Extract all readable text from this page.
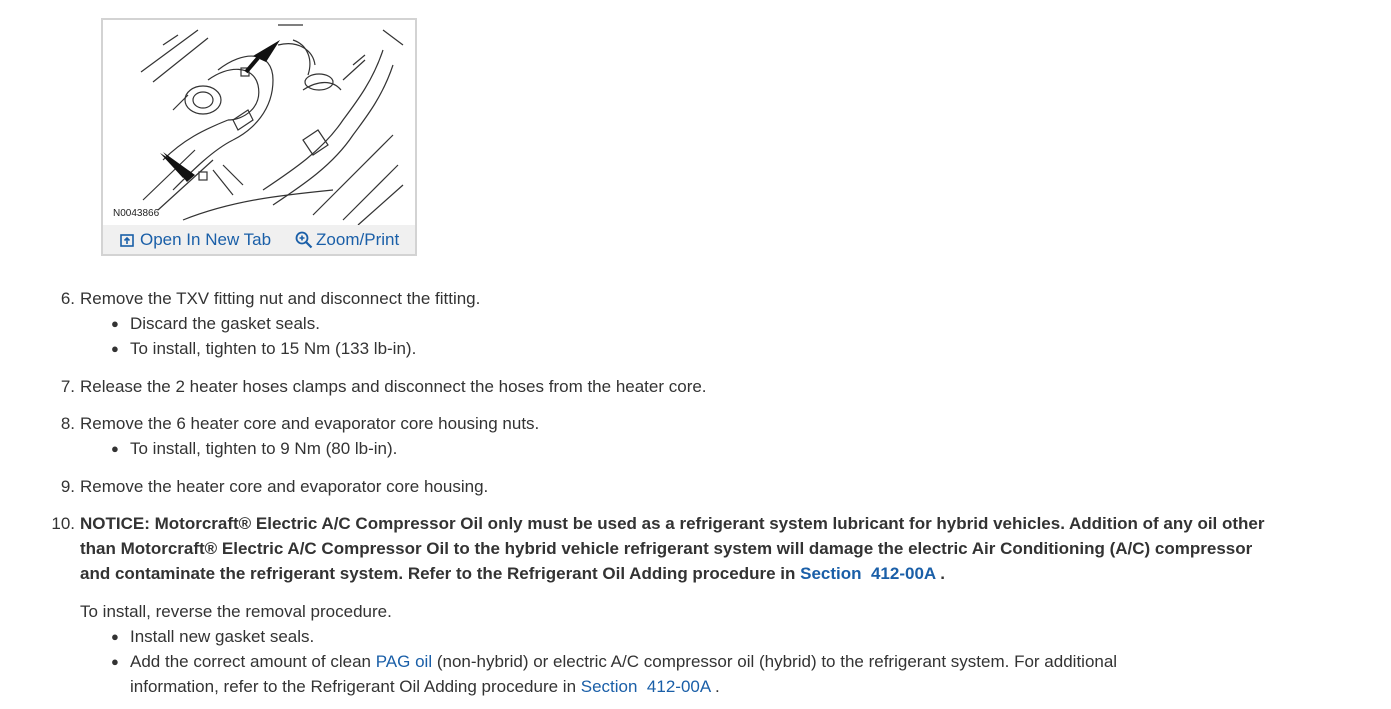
N0043866
Open In New Tab	Zoom/Print
6. Remove the TXV fitting nut and disconnect the fitting.
● Discard the gasket seals.
● To install, tighten to 15 Nm (133 lb-in).
7. Release the 2 heater hoses clamps and disconnect the hoses from the heater core.
8. Remove the 6 heater core and evaporator core housing nuts.
● To install, tighten to 9 Nm (80 lb-in).
9. Remove the heater core and evaporator core housing.
10. NOTICE: Motorcraft® Electric A/C Compressor Oil only must be used as a refrigerant system lubricant for hybrid vehicles. Addition of any oil other
than Motorcraft® Electric A/C Compressor Oil to the hybrid vehicle refrigerant system will damage the electric Air Conditioning (A/C) compressor
and contaminate the refrigerant system. Refer to the Refrigerant Oil Adding procedure in Section  412-00A .
To install, reverse the removal procedure.
● Install new gasket seals.
● Add the correct amount of clean PAG oil (non-hybrid) or electric A/C compressor oil (hybrid) to the refrigerant system. For additional
information, refer to the Refrigerant Oil Adding procedure in Section  412-00A .
